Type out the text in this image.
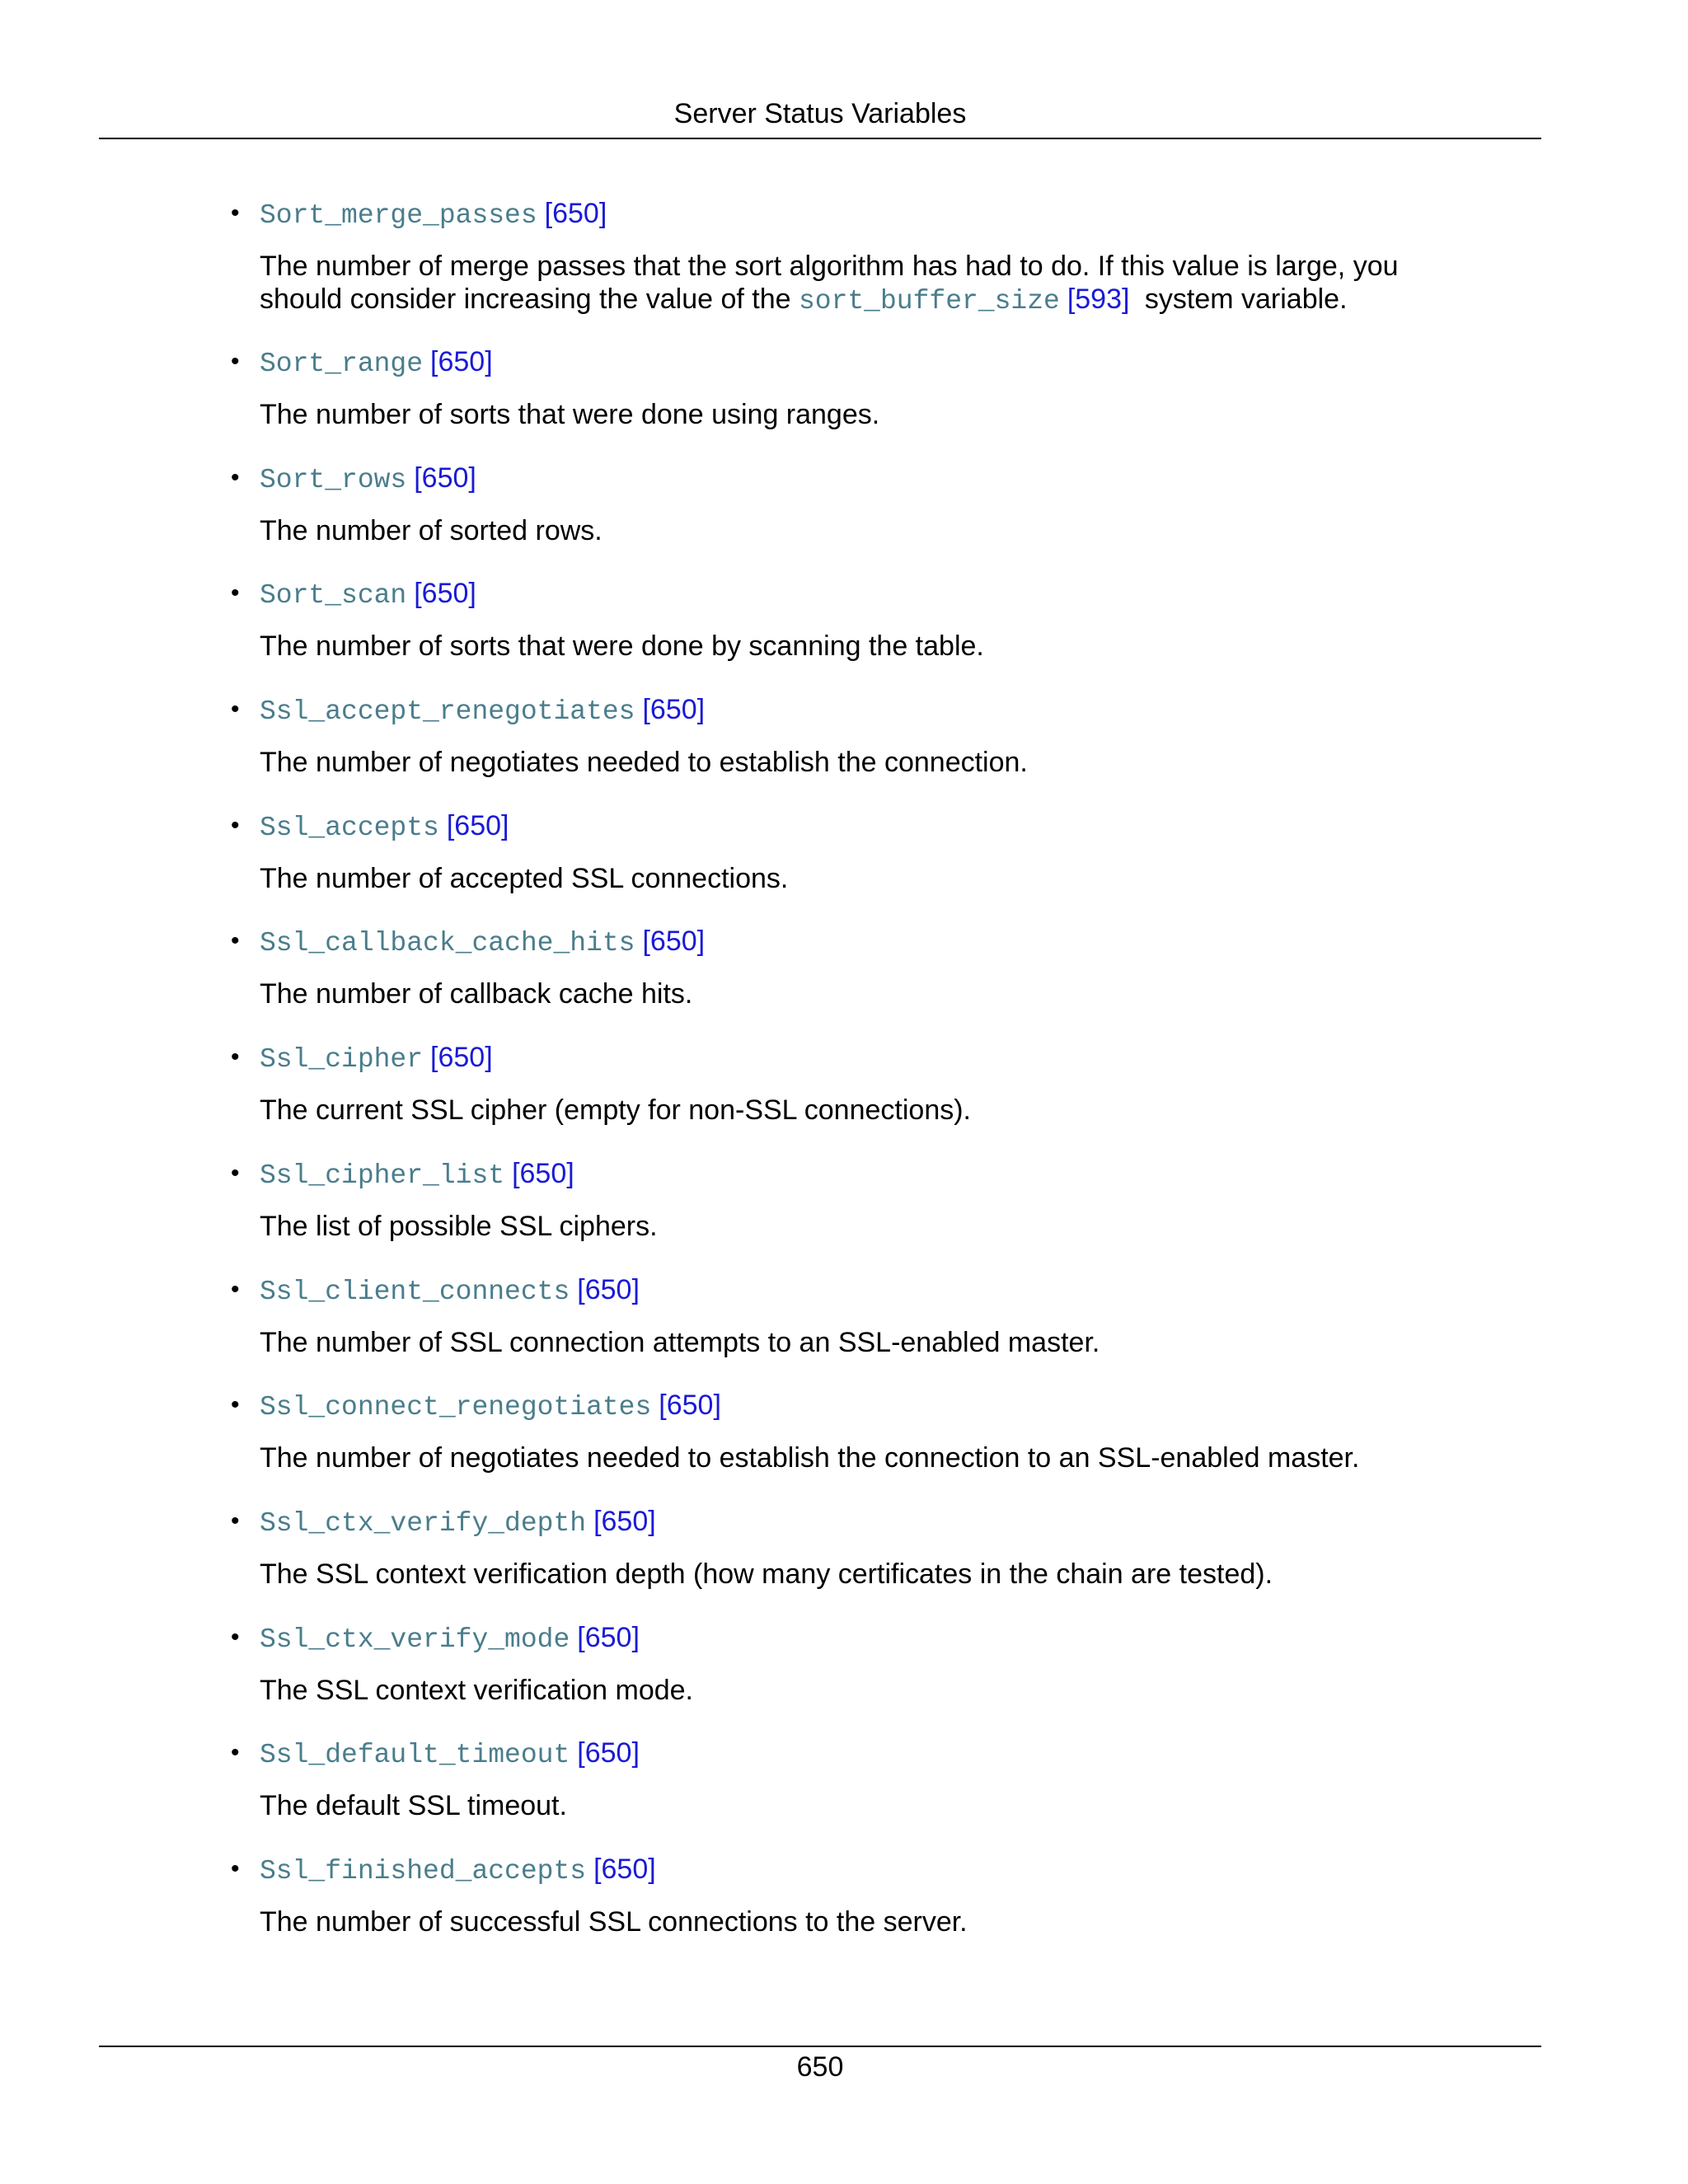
Server Status Variables
• Sort_merge_passes [650]

The number of merge passes that the sort algorithm has had to do. If this value is large, you should consider increasing the value of the sort_buffer_size [593] system variable.

• Sort_range [650]

The number of sorts that were done using ranges.

• Sort_rows [650]

The number of sorted rows.

• Sort_scan [650]

The number of sorts that were done by scanning the table.

• Ssl_accept_renegotiates [650]

The number of negotiates needed to establish the connection.

• Ssl_accepts [650]

The number of accepted SSL connections.

• Ssl_callback_cache_hits [650]

The number of callback cache hits.

• Ssl_cipher [650]

The current SSL cipher (empty for non-SSL connections).

• Ssl_cipher_list [650]

The list of possible SSL ciphers.

• Ssl_client_connects [650]

The number of SSL connection attempts to an SSL-enabled master.

• Ssl_connect_renegotiates [650]

The number of negotiates needed to establish the connection to an SSL-enabled master.

• Ssl_ctx_verify_depth [650]

The SSL context verification depth (how many certificates in the chain are tested).

• Ssl_ctx_verify_mode [650]

The SSL context verification mode.

• Ssl_default_timeout [650]

The default SSL timeout.

• Ssl_finished_accepts [650]

The number of successful SSL connections to the server.

650
